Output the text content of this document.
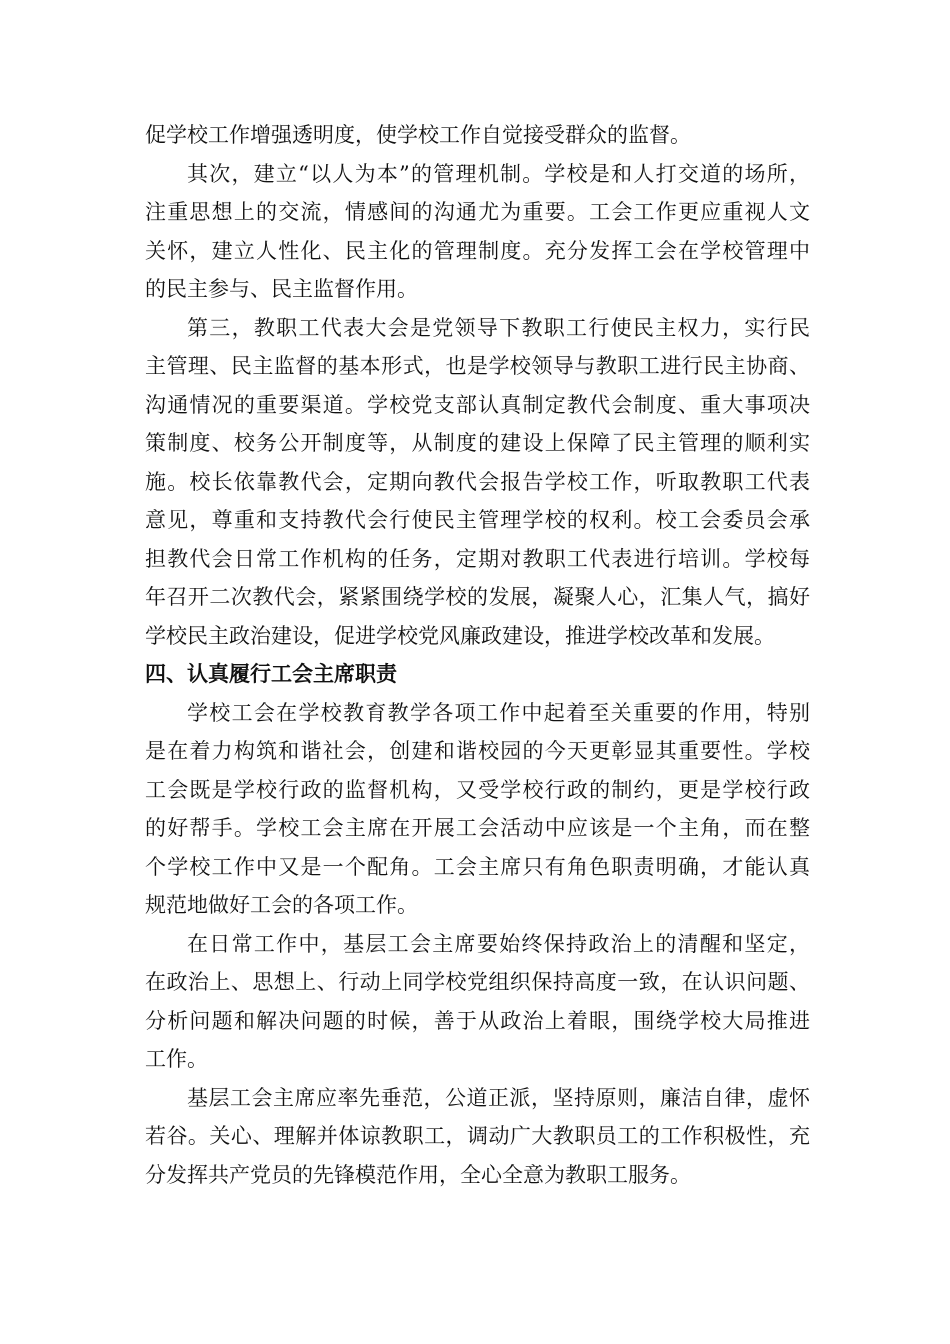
促学校工作增强透明度，使学校工作自觉接受群众的监督。
其次，建立“以人为本”的管理机制。学校是和人打交道的场所，
注重思想上的交流，情感间的沟通尤为重要。工会工作更应重视人文
关怀，建立人性化、民主化的管理制度。充分发挥工会在学校管理中
的民主参与、民主监督作用。
第三，教职工代表大会是党领导下教职工行使民主权力，实行民
主管理、民主监督的基本形式，也是学校领导与教职工进行民主协商、
沟通情况的重要渠道。学校党支部认真制定教代会制度、重大事项决
策制度、校务公开制度等，从制度的建设上保障了民主管理的顺利实
施。校长依靠教代会，定期向教代会报告学校工作，听取教职工代表
意见，尊重和支持教代会行使民主管理学校的权利。校工会委员会承
担教代会日常工作机构的任务，定期对教职工代表进行培训。学校每
年召开二次教代会，紧紧围绕学校的发展，凝聚人心，汇集人气，搞好
学校民主政治建设，促进学校党风廉政建设，推进学校改革和发展。
四、认真履行工会主席职责
学校工会在学校教育教学各项工作中起着至关重要的作用，特别
是在着力构筑和谐社会，创建和谐校园的今天更彰显其重要性。学校
工会既是学校行政的监督机构，又受学校行政的制约，更是学校行政
的好帮手。学校工会主席在开展工会活动中应该是一个主角，而在整
个学校工作中又是一个配角。工会主席只有角色职责明确，才能认真
规范地做好工会的各项工作。
在日常工作中，基层工会主席要始终保持政治上的清醒和坚定，
在政治上、思想上、行动上同学校党组织保持高度一致，在认识问题、
分析问题和解决问题的时候，善于从政治上着眼，围绕学校大局推进
工作。
基层工会主席应率先垂范，公道正派，坚持原则，廉洁自律，虚怀
若谷。关心、理解并体谅教职工，调动广大教职员工的工作积极性，充
分发挥共产党员的先锋模范作用，全心全意为教职工服务。
